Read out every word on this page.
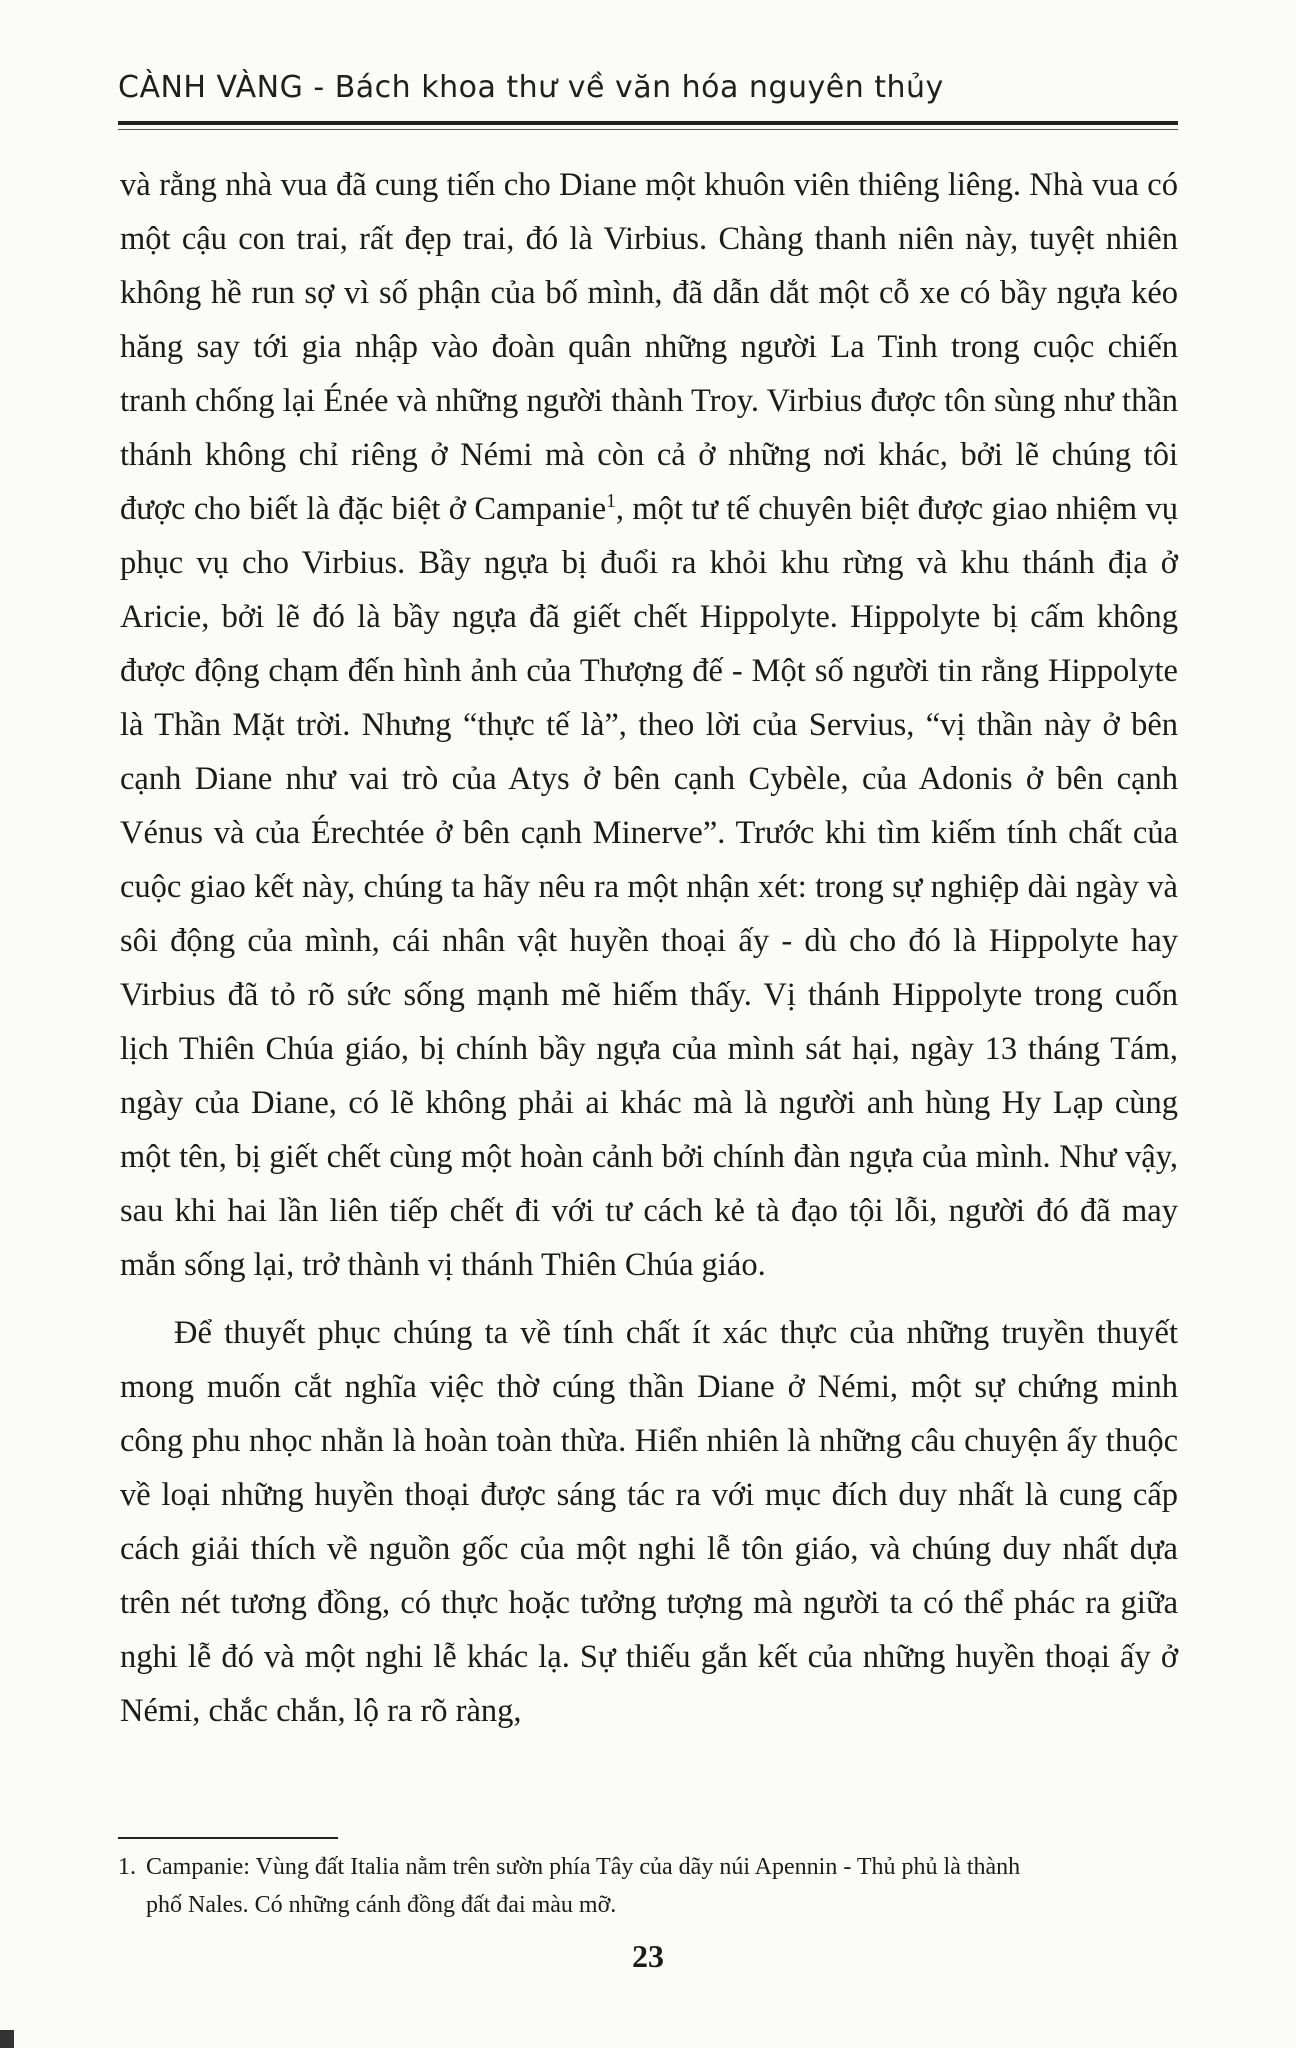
CÀNH VÀNG - Bách khoa thư về văn hóa nguyên thủy

và rằng nhà vua đã cung tiến cho Diane một khuôn viên thiêng liêng. Nhà vua có một cậu con trai, rất đẹp trai, đó là Virbius. Chàng thanh niên này, tuyệt nhiên không hề run sợ vì số phận của bố mình, đã dẫn dắt một cỗ xe có bầy ngựa kéo hăng say tới gia nhập vào đoàn quân những người La Tinh trong cuộc chiến tranh chống lại Énée và những người thành Troy. Virbius được tôn sùng như thần thánh không chỉ riêng ở Némi mà còn cả ở những nơi khác, bởi lẽ chúng tôi được cho biết là đặc biệt ở Campanie$^1$, một tư tế chuyên biệt được giao nhiệm vụ phục vụ cho Virbius. Bầy ngựa bị đuổi ra khỏi khu rừng và khu thánh địa ở Aricie, bởi lẽ đó là bầy ngựa đã giết chết Hippolyte. Hippolyte bị cấm không được động chạm đến hình ảnh của Thượng đế - Một số người tin rằng Hippolyte là Thần Mặt trời. Nhưng “thực tế là”, theo lời của Servius, “vị thần này ở bên cạnh Diane như vai trò của Atys ở bên cạnh Cybèle, của Adonis ở bên cạnh Vénus và của Érechtée ở bên cạnh Minerve”. Trước khi tìm kiếm tính chất của cuộc giao kết này, chúng ta hãy nêu ra một nhận xét: trong sự nghiệp dài ngày và sôi động của mình, cái nhân vật huyền thoại ấy - dù cho đó là Hippolyte hay Virbius đã tỏ rõ sức sống mạnh mẽ hiếm thấy. Vị thánh Hippolyte trong cuốn lịch Thiên Chúa giáo, bị chính bầy ngựa của mình sát hại, ngày 13 tháng Tám, ngày của Diane, có lẽ không phải ai khác mà là người anh hùng Hy Lạp cùng một tên, bị giết chết cùng một hoàn cảnh bởi chính đàn ngựa của mình. Như vậy, sau khi hai lần liên tiếp chết đi với tư cách kẻ tà đạo tội lỗi, người đó đã may mắn sống lại, trở thành vị thánh Thiên Chúa giáo.

Để thuyết phục chúng ta về tính chất ít xác thực của những truyền thuyết mong muốn cắt nghĩa việc thờ cúng thần Diane ở Némi, một sự chứng minh công phu nhọc nhằn là hoàn toàn thừa. Hiển nhiên là những câu chuyện ấy thuộc về loại những huyền thoại được sáng tác ra với mục đích duy nhất là cung cấp cách giải thích về nguồn gốc của một nghi lễ tôn giáo, và chúng duy nhất dựa trên nét tương đồng, có thực hoặc tưởng tượng mà người ta có thể phác ra giữa nghi lễ đó và một nghi lễ khác lạ. Sự thiếu gắn kết của những huyền thoại ấy ở Némi, chắc chắn, lộ ra rõ ràng,

1. Campanie: Vùng đất Italia nằm trên sườn phía Tây của dãy núi Apennin - Thủ phủ là thành
phố Nales. Có những cánh đồng đất đai màu mỡ.
23
